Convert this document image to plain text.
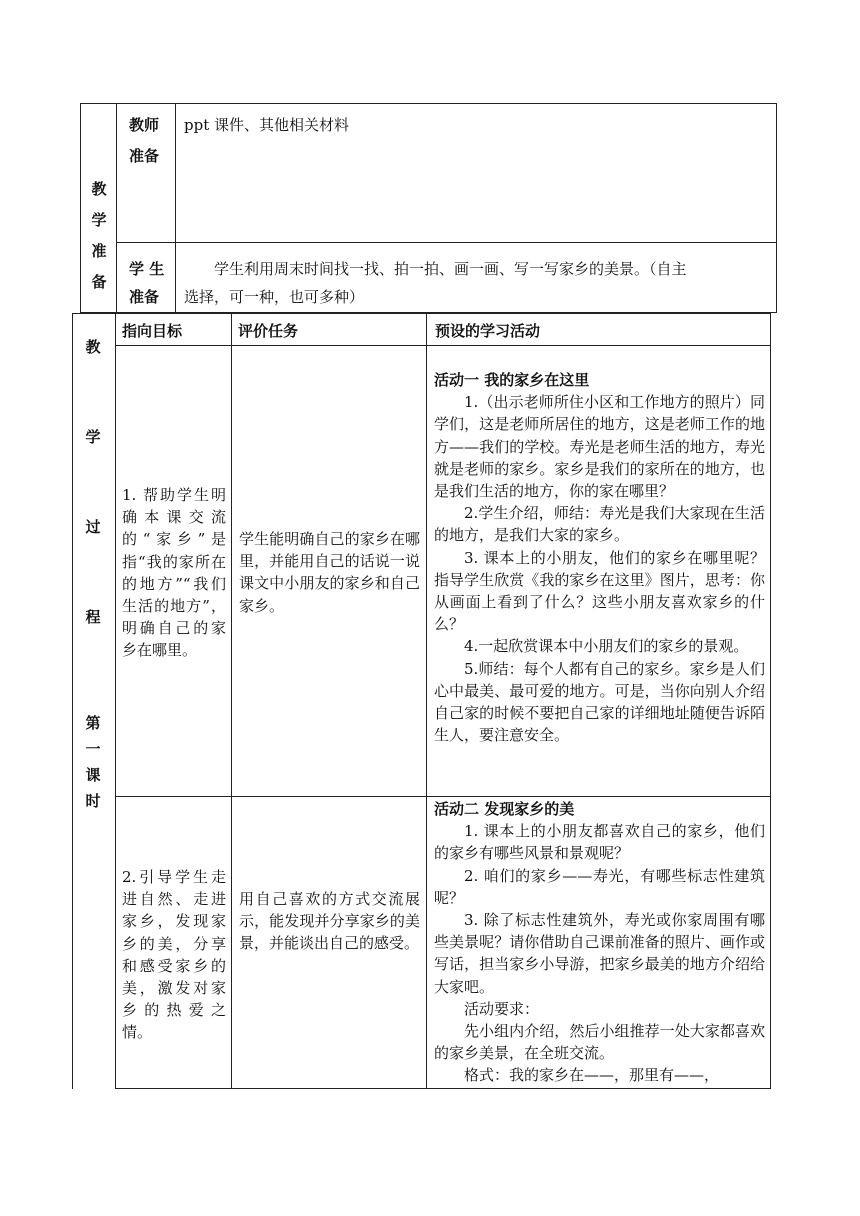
教
学
准
备
教师
准备
ppt 课件、其他相关材料
学 生
准备
学生利用周末时间找一找、拍一拍、画一画、写一写家乡的美景。（自主
选择，可一种，也可多种）
教
学
过
程
第
一
课
时
指向目标	评价任务	预设的学习活动
1. 帮助学生明确本课交流的“家乡”是指“我的家所在的地方”“我们生活的地方”，明确自己的家乡在哪里。
学生能明确自己的家乡在哪里，并能用自己的话说一说课文中小朋友的家乡和自己家乡。

活动一 我的家乡在这里

1.（出示老师所住小区和工作地方的照片）同学们，这是老师所居住的地方，这是老师工作的地方——我们的学校。寿光是老师生活的地方，寿光就是老师的家乡。家乡是我们的家所在的地方，也是我们生活的地方，你的家在哪里？

2.学生介绍，师结：寿光是我们大家现在生活的地方，是我们大家的家乡。

3. 课本上的小朋友，他们的家乡在哪里呢？指导学生欣赏《我的家乡在这里》图片，思考：你从画面上看到了什么？这些小朋友喜欢家乡的什么？

4.一起欣赏课本中小朋友们的家乡的景观。

5.师结：每个人都有自己的家乡。家乡是人们心中最美、最可爱的地方。可是，当你向别人介绍自己家的时候不要把自己家的详细地址随便告诉陌生人，要注意安全。

2.引导学生走进自然、走进家乡，发现家乡的美，分享和感受家乡的美，激发对家乡的热爱之情。
用自己喜欢的方式交流展示，能发现并分享家乡的美景，并能谈出自己的感受。

活动二 发现家乡的美

1. 课本上的小朋友都喜欢自己的家乡，他们的家乡有哪些风景和景观呢？

2. 咱们的家乡——寿光，有哪些标志性建筑呢？

3. 除了标志性建筑外，寿光或你家周围有哪些美景呢？请你借助自己课前准备的照片、画作或写话，担当家乡小导游，把家乡最美的地方介绍给大家吧。

活动要求：

先小组内介绍，然后小组推荐一处大家都喜欢的家乡美景，在全班交流。

格式：我的家乡在——，那里有——，
